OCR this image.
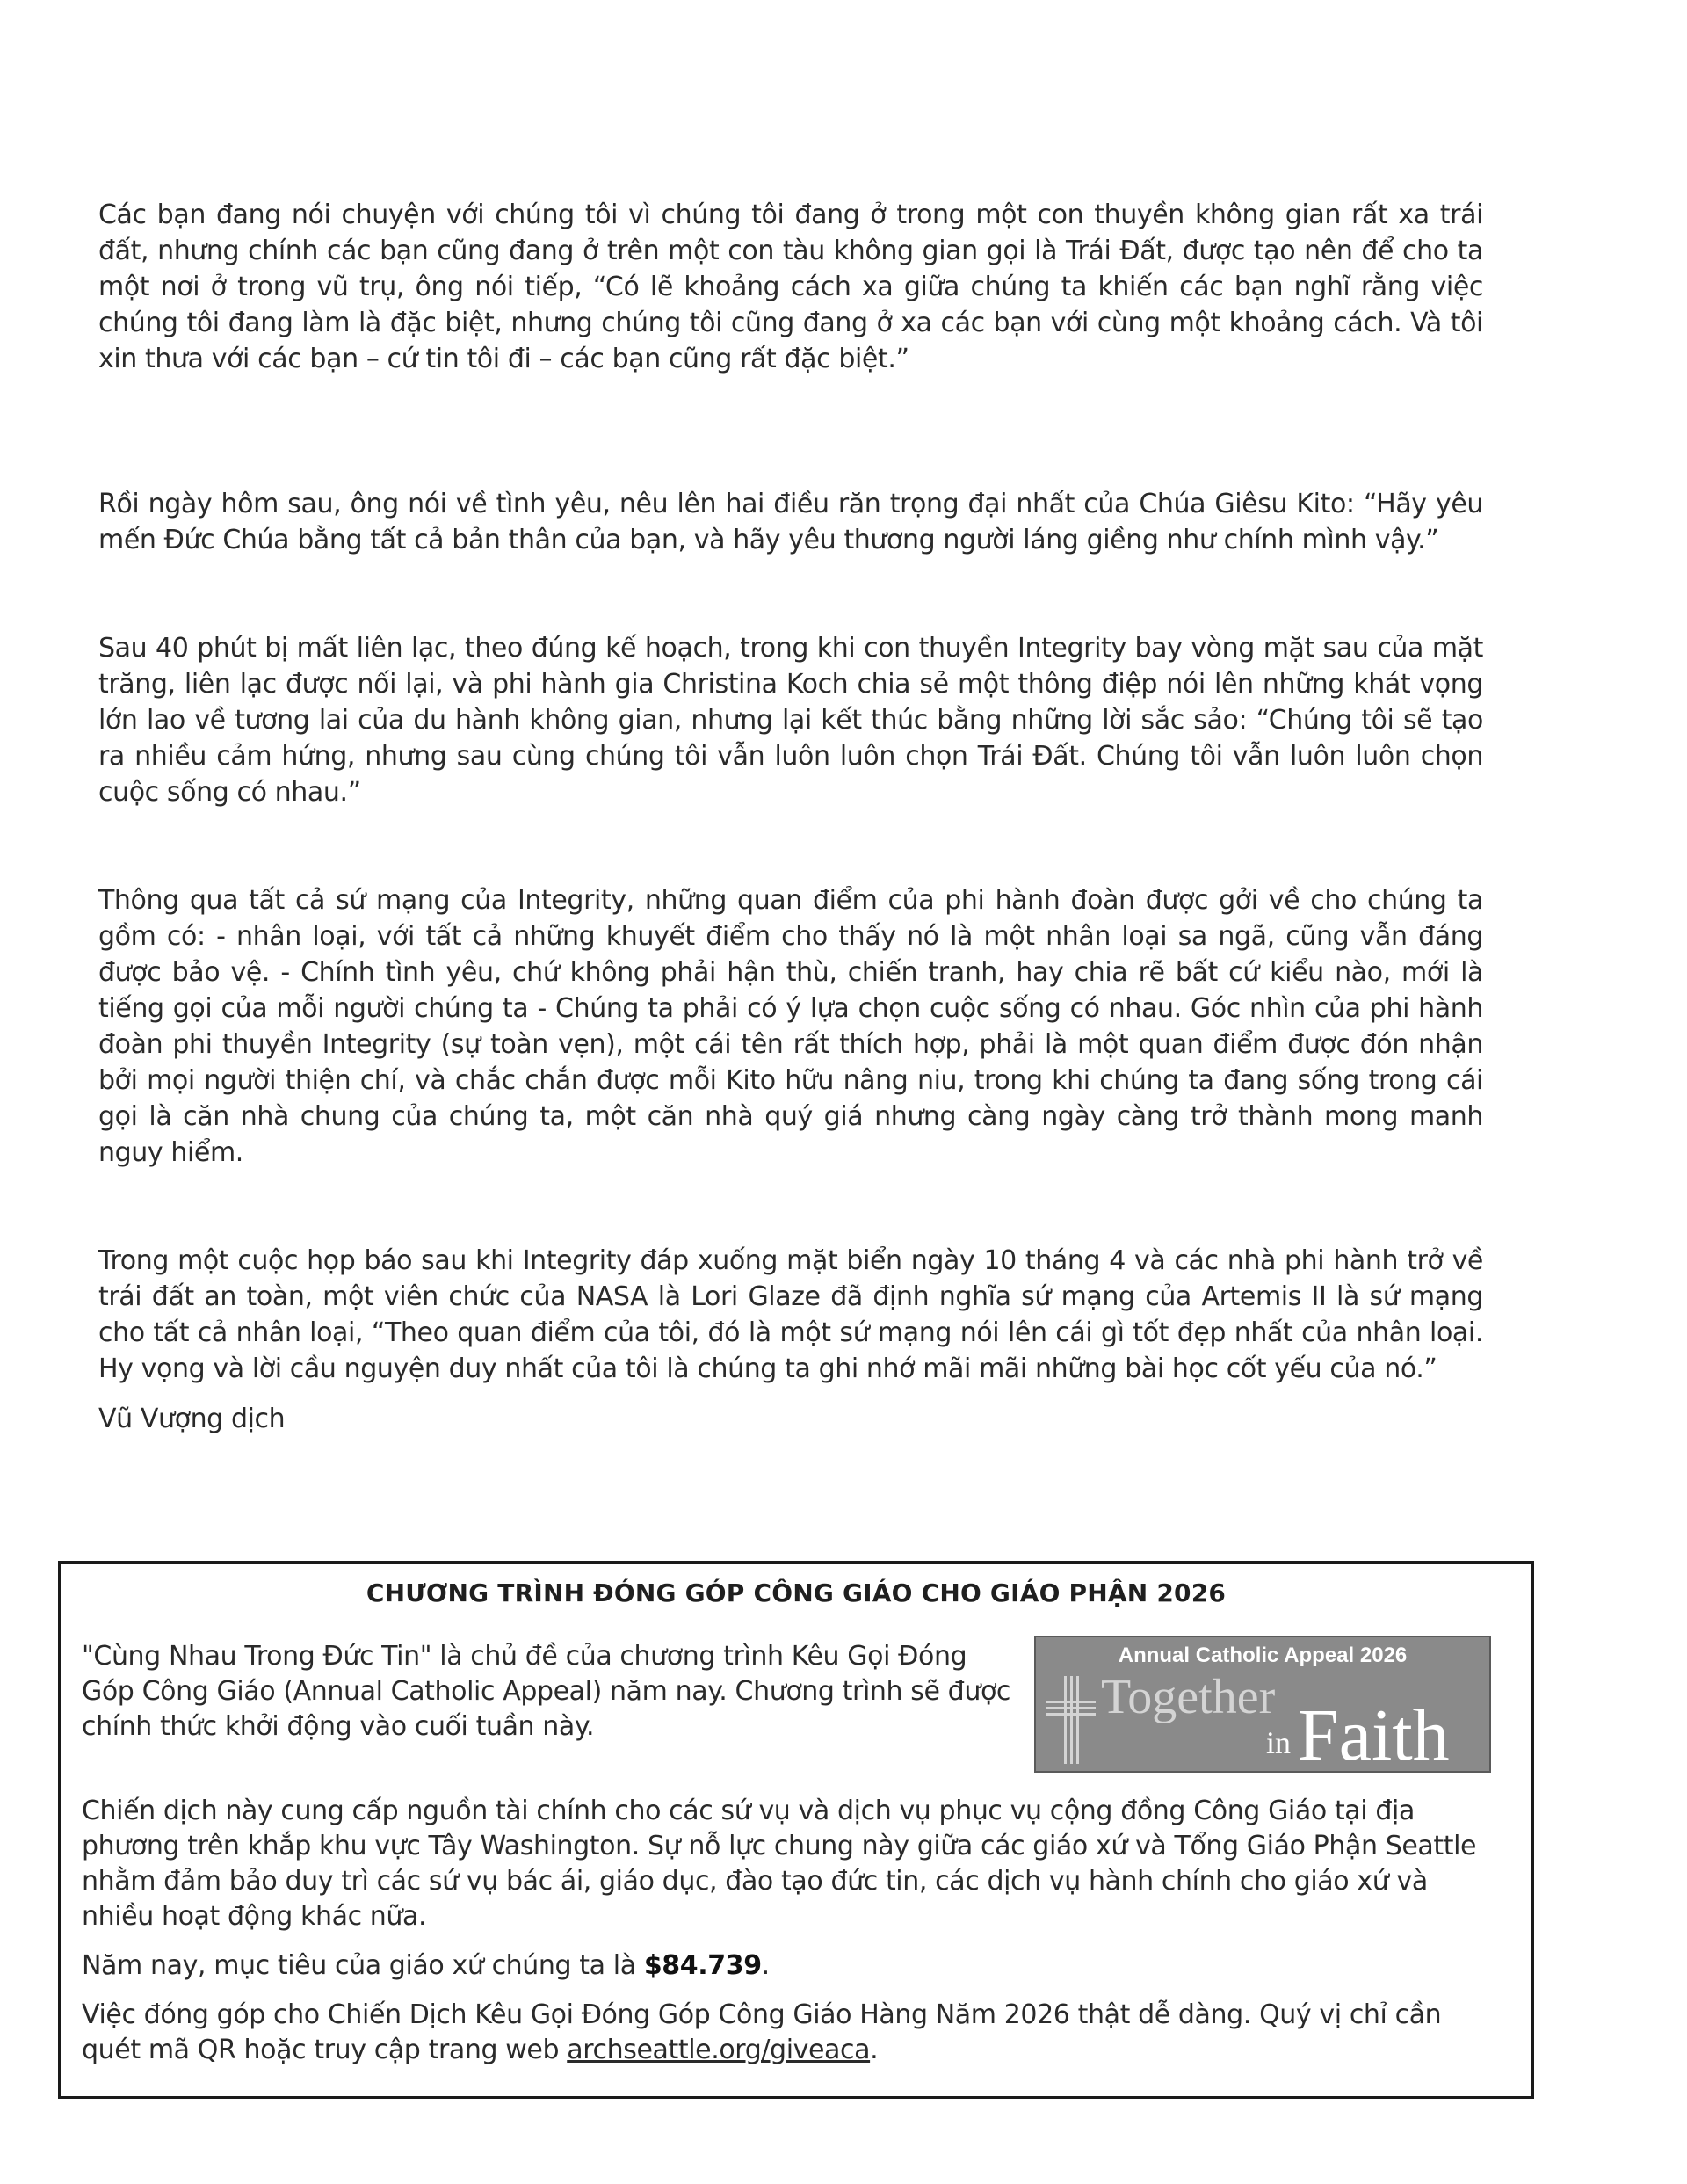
Các bạn đang nói chuyện với chúng tôi vì chúng tôi đang ở trong một con thuyền không gian rất xa trái đất, nhưng chính các bạn cũng đang ở trên một con tàu không gian gọi là Trái Đất, được tạo nên để cho ta một nơi ở trong vũ trụ, ông nói tiếp, “Có lẽ khoảng cách xa giữa chúng ta khiến các bạn nghĩ rằng việc chúng tôi đang làm là đặc biệt, nhưng chúng tôi cũng đang ở xa các bạn với cùng một khoảng cách. Và tôi xin thưa với các bạn – cứ tin tôi đi – các bạn cũng rất đặc biệt.”

Rồi ngày hôm sau, ông nói về tình yêu, nêu lên hai điều răn trọng đại nhất của Chúa Giêsu Kito: “Hãy yêu mến Đức Chúa bằng tất cả bản thân của bạn, và hãy yêu thương người láng giềng như chính mình vậy.”

Sau 40 phút bị mất liên lạc, theo đúng kế hoạch, trong khi con thuyền Integrity bay vòng mặt sau của mặt trăng, liên lạc được nối lại, và phi hành gia Christina Koch chia sẻ một thông điệp nói lên những khát vọng lớn lao về tương lai của du hành không gian, nhưng lại kết thúc bằng những lời sắc sảo: “Chúng tôi sẽ tạo ra nhiều cảm hứng, nhưng sau cùng chúng tôi vẫn luôn luôn chọn Trái Đất. Chúng tôi vẫn luôn luôn chọn cuộc sống có nhau.”

Thông qua tất cả sứ mạng của Integrity, những quan điểm của phi hành đoàn được gởi về cho chúng ta gồm có: - nhân loại, với tất cả những khuyết điểm cho thấy nó là một nhân loại sa ngã, cũng vẫn đáng được bảo vệ. - Chính tình yêu, chứ không phải hận thù, chiến tranh, hay chia rẽ bất cứ kiểu nào, mới là tiếng gọi của mỗi người chúng ta - Chúng ta phải có ý lựa chọn cuộc sống có nhau. Góc nhìn của phi hành đoàn phi thuyền Integrity (sự toàn vẹn), một cái tên rất thích hợp, phải là một quan điểm được đón nhận bởi mọi người thiện chí, và chắc chắn được mỗi Kito hữu nâng niu, trong khi chúng ta đang sống trong cái gọi là căn nhà chung của chúng ta, một căn nhà quý giá nhưng càng ngày càng trở thành mong manh nguy hiểm.

Trong một cuộc họp báo sau khi Integrity đáp xuống mặt biển ngày 10 tháng 4 và các nhà phi hành trở về trái đất an toàn, một viên chức của NASA là Lori Glaze đã định nghĩa sứ mạng của Artemis II là sứ mạng cho tất cả nhân loại, “Theo quan điểm của tôi, đó là một sứ mạng nói lên cái gì tốt đẹp nhất của nhân loại. Hy vọng và lời cầu nguyện duy nhất của tôi là chúng ta ghi nhớ mãi mãi những bài học cốt yếu của nó.”

Vũ Vượng dịch

CHƯƠNG TRÌNH ĐÓNG GÓP CÔNG GIÁO CHO GIÁO PHẬN 2026

"Cùng Nhau Trong Đức Tin" là chủ đề của chương trình Kêu Gọi Đóng Góp Công Giáo (Annual Catholic Appeal) năm nay. Chương trình sẽ được chính thức khởi động vào cuối tuần này.

Annual Catholic Appeal 2026
Together
in Faith

Chiến dịch này cung cấp nguồn tài chính cho các sứ vụ và dịch vụ phục vụ cộng đồng Công Giáo tại địa phương trên khắp khu vực Tây Washington. Sự nỗ lực chung này giữa các giáo xứ và Tổng Giáo Phận Seattle nhằm đảm bảo duy trì các sứ vụ bác ái, giáo dục, đào tạo đức tin, các dịch vụ hành chính cho giáo xứ và nhiều hoạt động khác nữa.

Năm nay, mục tiêu của giáo xứ chúng ta là $84.739.

Việc đóng góp cho Chiến Dịch Kêu Gọi Đóng Góp Công Giáo Hàng Năm 2026 thật dễ dàng. Quý vị chỉ cần quét mã QR hoặc truy cập trang web archseattle.org/giveaca.
